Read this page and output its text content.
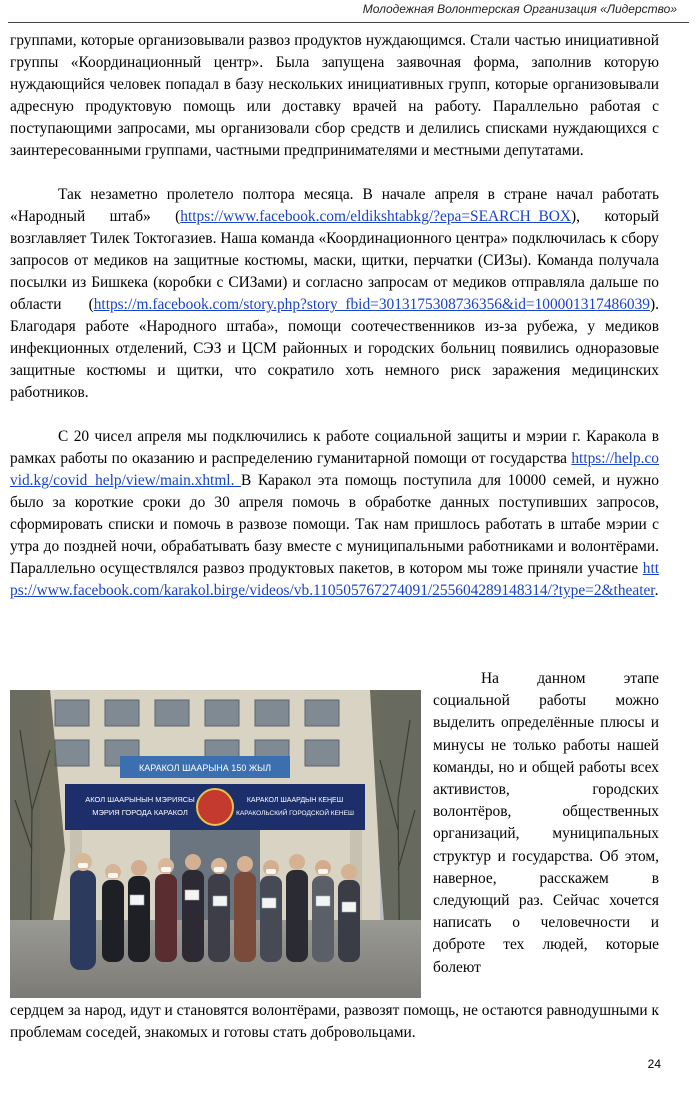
Молодежная Волонтерская Организация «Лидерство»

группами, которые организовывали развоз продуктов нуждающимся. Стали частью инициативной группы «Координационный центр». Была запущена заявочная форма, заполнив которую нуждающийся человек попадал в базу нескольких инициативных групп, которые организовывали адресную продуктовую помощь или доставку врачей на работу. Параллельно работая с поступающими запросами, мы организовали сбор средств и делились списками нуждающихся с заинтересованными группами, частными предпринимателями и местными депутатами.

Так незаметно пролетело полтора месяца. В начале апреля в стране начал работать «Народный штаб» (https://www.facebook.com/eldikshtabkg/?epa=SEARCH_BOX), который возглавляет Тилек Токтогазиев. Наша команда «Координационного центра» подключилась к сбору запросов от медиков на защитные костюмы, маски, щитки, перчатки (СИЗы). Команда получала посылки из Бишкека (коробки с СИЗами) и согласно запросам от медиков отправляла дальше по области (https://m.facebook.com/story.php?story_fbid=3013175308736356&id=100001317486039). Благодаря работе «Народного штаба», помощи соотечественников из-за рубежа, у медиков инфекционных отделений, СЭЗ и ЦСМ районных и городских больниц появились одноразовые защитные костюмы и щитки, что сократило хоть немного риск заражения медицинских работников.

С 20 чисел апреля мы подключились к работе социальной защиты и мэрии г. Каракола в рамках работы по оказанию и распределению гуманитарной помощи от государства https://help.covid.kg/covid_help/view/main.xhtml. В Каракол эта помощь поступила для 10000 семей, и нужно было за короткие сроки до 30 апреля помочь в обработке данных поступивших запросов, сформировать списки и помочь в развозе помощи. Так нам пришлось работать в штабе мэрии с утра до поздней ночи, обрабатывать базу вместе с муниципальными работниками и волонтёрами. Параллельно осуществлялся развоз продуктовых пакетов, в котором мы тоже приняли участие https://www.facebook.com/karakol.birge/videos/vb.110505767274091/255604289148314/?type=2&theater.

КАРАКОЛ ШААРЫНА 150 ЖЫЛ
АКОЛ ШААРЫНЫН МЭРИЯСЫ
МЭРИЯ ГОРОДА КАРАКОЛ
КАРАКОЛ ШААРДЫН КЕҢЕШ
КАРАКОЛЬСКИЙ ГОРОДСКОЙ КЕНЕШ
На данном этапе социальной работы можно выделить определённые плюсы и минусы не только работы нашей команды, но и общей работы всех активистов, городских волонтёров, общественных организаций, муниципальных структур и государства. Об этом, наверное, расскажем в следующий раз. Сейчас хочется написать о человечности и доброте тех людей, которые болеют
сердцем за народ, идут и становятся волонтёрами, развозят помощь, не остаются равнодушными к проблемам соседей, знакомых и готовы стать добровольцами.
24
